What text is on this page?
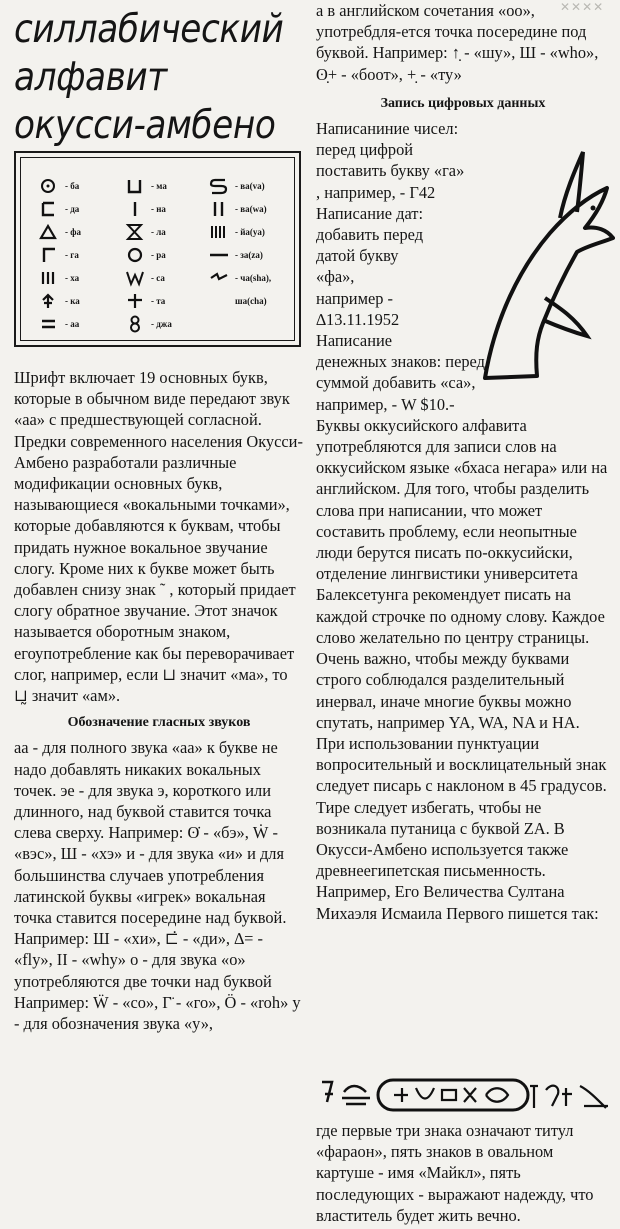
✕✕✕✕
силлабический
алфавит
окусси-амбено
- ба
- да
- фа
- га
- ха
- ка
- аа
- ма
- на
- ла
- ра
- са
- та
- джа
- ва(va)
- ва(wa)
- йа(ya)
- за(za)
- ча(sha),
ша(cha)

Шрифт включает 19 основных букв, которые в обычном виде передают звук «аа» с предшествующей согласной. Предки современного населения Окусси-Амбено разработали различные модификации основных букв, называющиеся «вокальными точками», которые добавляются к буквам, чтобы придать нужное вокальное звучание слогу. Кроме них к букве может быть добавлен снизу знак ˜ , который придает слогу обратное звучание. Этот значок называется оборотным знаком, егоупотребление как бы переворачивает слог, например, если ⊔ значит «ма», то ⊔̰ значит «ам».

Обозначение гласных звуков

аа - для полного звука «аа» к букве не надо добавлять никаких вокальных точек. эе - для звука э, короткого или длинного, над буквой ставится точка слева сверху. Например: ʘ̇ - «бэ», Ẇ - «вэс», Ш - «хэ» и - для звука «и» и для большинства случаев употребления латинской буквы «игрек» вокальная точка ставится посередине над буквой. Например: Ш - «хи», ⊏̇ - «ди», ∆= - «fly», II - «why» о - для звука «о» употребляются две точки над буквой Например: Ẅ - «со», Γ̈ - «го», Ö - «roh» у - для обозначения звука «у»,

а в английском сочетания «оо», употребдля-ется точка посередине под буквой. Например: ↑̣ - «шу», Ш - «who», ʘ̣+ - «боот», +̣ - «ту»

Запись цифровых данных

Написаниние чисел:

перед цифрой

поставить букву «га»

, например, - Г42

Написание дат:

добавить перед

датой букву

«фа»,

например -

∆13.11.1952

Написание

денежных знаков: перед

суммой добавить «са»,

например, - W $10.-

Буквы оккусийского алфавита употребляются для записи слов на оккусийском языке «бхаса негара» или на английском. Для того, чтобы разделить слова при написании, что может составить проблему, если неопытные люди берутся писать по-оккусийски, отделение лингвистики университета Балексетунга рекомендует писать на каждой строчке по одному слову. Каждое слово желательно по центру страницы. Очень важно, чтобы между буквами строго соблюдался разделительный инервал, иначе многие буквы можно спутать, например YA, WA, NA и HA. При использовании пунктуации вопросительный и восклицательный знак следует писарь с наклоном в 45 градусов. Тире следует избегать, чтобы не возникала путаница с буквой ZA. В Окусси-Амбено используется также древнеегипетская письменность. Например, Его Величества Султана Михаэля Исмаила Первого пишется так:

где первые три знака означают титул «фараон», пять знаков в овальном картуше - имя «Майкл», пять последующих - выражают надежду, что властитель будет жить вечно.
